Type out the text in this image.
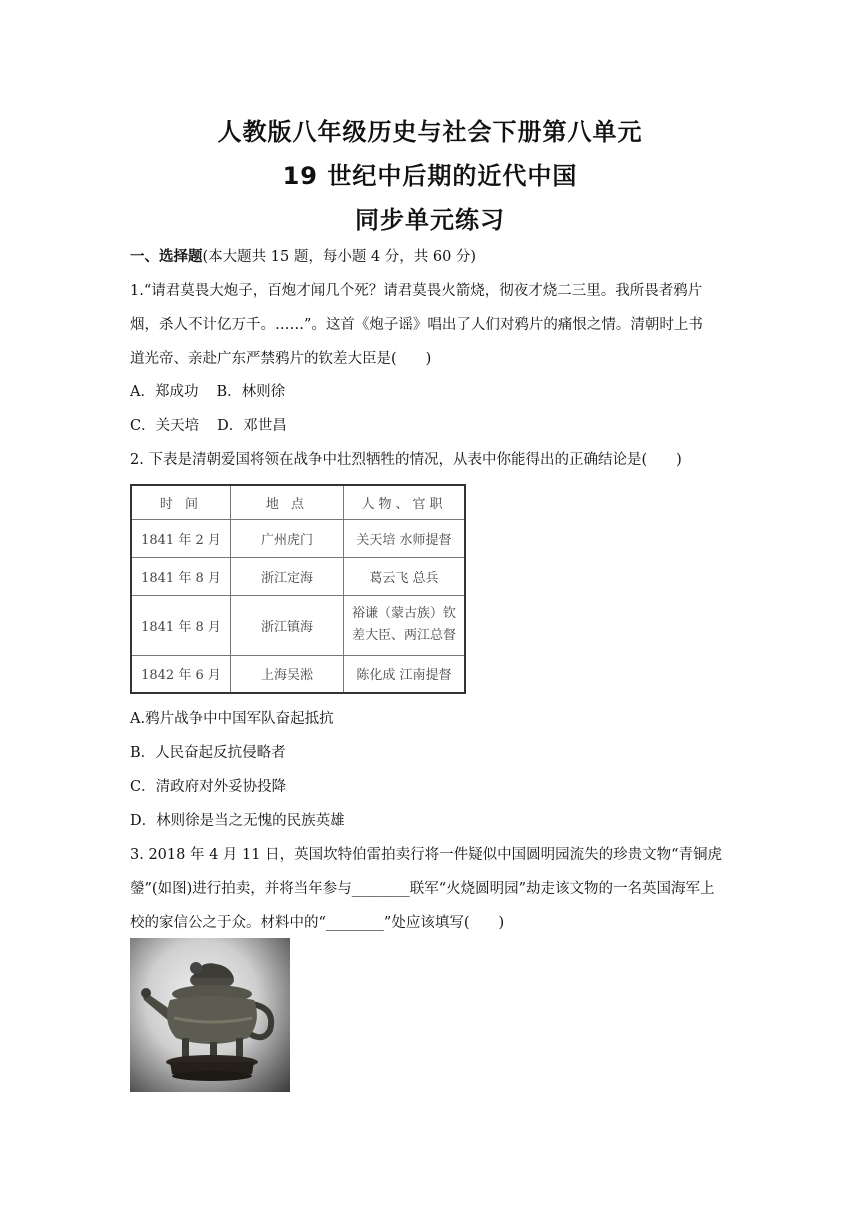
人教版八年级历史与社会下册第八单元
19 世纪中后期的近代中国
同步单元练习

一、选择题(本大题共 15 题，每小题 4 分，共 60 分)

1.“请君莫畏大炮子，百炮才闻几个死？请君莫畏火箭烧，彻夜才烧二三里。我所畏者鸦片

烟，杀人不计亿万千。……”。这首《炮子谣》唱出了人们对鸦片的痛恨之情。清朝时上书

道光帝、亲赴广东严禁鸦片的钦差大臣是(　　)

A．郑成功 B．林则徐

C．关天培 D．邓世昌

2. 下表是清朝爱国将领在战争中壮烈牺牲的情况，从表中你能得出的正确结论是(　　)

时 间	地 点	人物、官职
1841 年 2 月	广州虎门	关天培 水师提督
1841 年 8 月	浙江定海	葛云飞 总兵
1841 年 8 月	浙江镇海	裕谦（蒙古族）钦差大臣、两江总督
1842 年 6 月	上海吴淞	陈化成 江南提督

A.鸦片战争中中国军队奋起抵抗

B．人民奋起反抗侵略者

C．清政府对外妥协投降

D．林则徐是当之无愧的民族英雄

3. 2018 年 4 月 11 日，英国坎特伯雷拍卖行将一件疑似中国圆明园流失的珍贵文物“青铜虎

鎣”(如图)进行拍卖，并将当年参与________联军“火烧圆明园”劫走该文物的一名英国海军上

校的家信公之于众。材料中的“________”处应该填写(　　)
